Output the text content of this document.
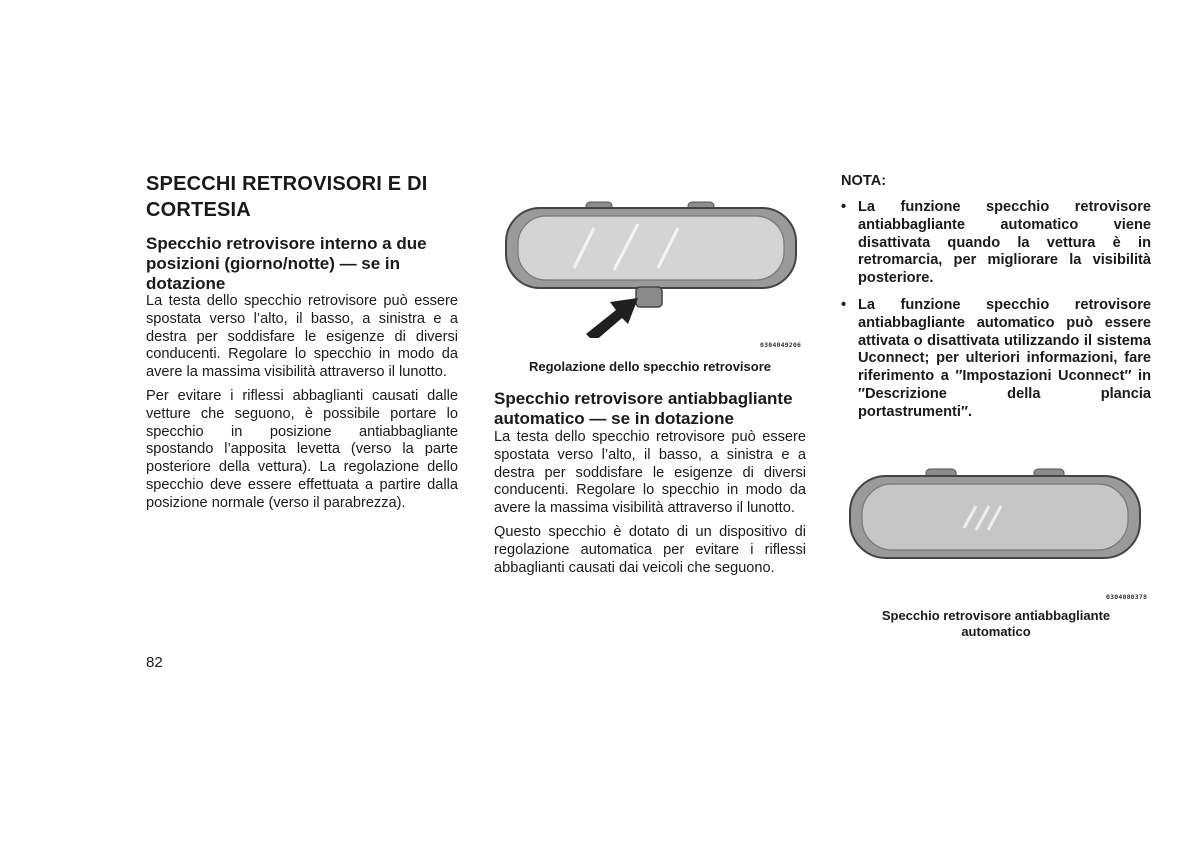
SPECCHI RETROVISORI E DI CORTESIA
Specchio retrovisore interno a due posizioni (giorno/notte) — se in dotazione

La testa dello specchio retrovisore può essere spostata verso l’alto, il basso, a sinistra e a destra per soddisfare le esigenze di diversi conducenti. Regolare lo specchio in modo da avere la massima visibilità attraverso il lunotto.

Per evitare i riflessi abbaglianti causati dalle vetture che seguono, è possibile portare lo specchio in posizione antiabbagliante spostando l’apposita levetta (verso la parte posteriore della vettura). La regolazione dello specchio deve essere effettuata a partire dalla posizione normale (verso il parabrezza).

0304049206
Regolazione dello specchio retrovisore
Specchio retrovisore antiabbagliante automatico — se in dotazione

La testa dello specchio retrovisore può essere spostata verso l’alto, il basso, a sinistra e a destra per soddisfare le esigenze di diversi conducenti. Regolare lo specchio in modo da avere la massima visibilità attraverso il lunotto.

Questo specchio è dotato di un dispositivo di regolazione automatica per evitare i riflessi abbaglianti causati dai veicoli che seguono.

NOTA:
• La funzione specchio retrovisore antiabbagliante automatico viene disattivata quando la vettura è in retromarcia, per migliorare la visibilità posteriore.
• La funzione specchio retrovisore antiabbagliante automatico può essere attivata o disattivata utilizzando il sistema Uconnect; per ulteriori informazioni, fare riferimento a ″Impostazioni Uconnect″ in ″Descrizione della plancia portastrumenti″.
0304080378
Specchio retrovisore antiabbagliante automatico
82
